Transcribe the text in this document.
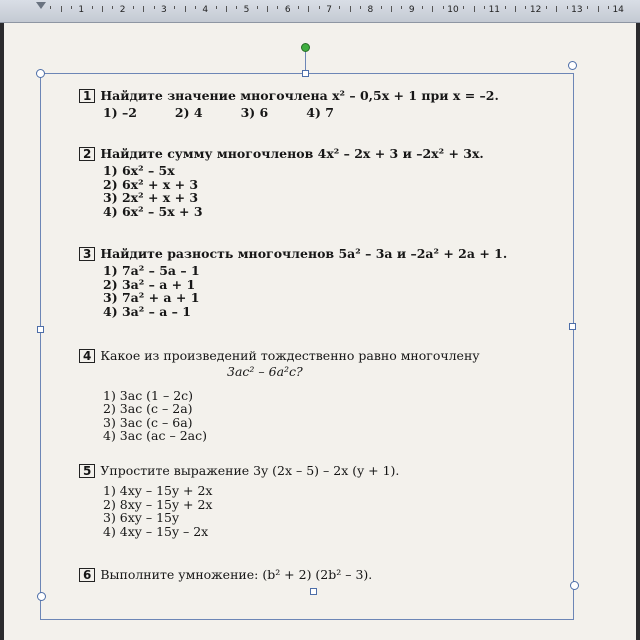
1	2	3	4	5	6	7	8	9	10	11	12	13	14
1 Найдите значение многочлена x² – 0,5x + 1 при x = –2.
1) –2	2) 4	3) 6	4) 7
2 Найдите сумму многочленов 4x² – 2x + 3 и –2x² + 3x.
1) 6x² – 5x
2) 6x² + x + 3
3) 2x² + x + 3
4) 6x² – 5x + 3
3 Найдите разность многочленов 5a² – 3a и –2a² + 2a + 1.
1) 7a² – 5a – 1
2) 3a² – a + 1
3) 7a² + a + 1
4) 3a² – a – 1
4 Какое из произведений тождественно равно многочлену
3ac² – 6a²c?
1) 3ac (1 – 2c)
2) 3ac (c – 2a)
3) 3ac (c – 6a)
4) 3ac (ac – 2ac)
5 Упростите выражение 3y (2x – 5) – 2x (y + 1).
1) 4xy – 15y + 2x
2) 8xy – 15y + 2x
3) 6xy – 15y
4) 4xy – 15y – 2x
6 Выполните умножение: (b² + 2) (2b² – 3).
